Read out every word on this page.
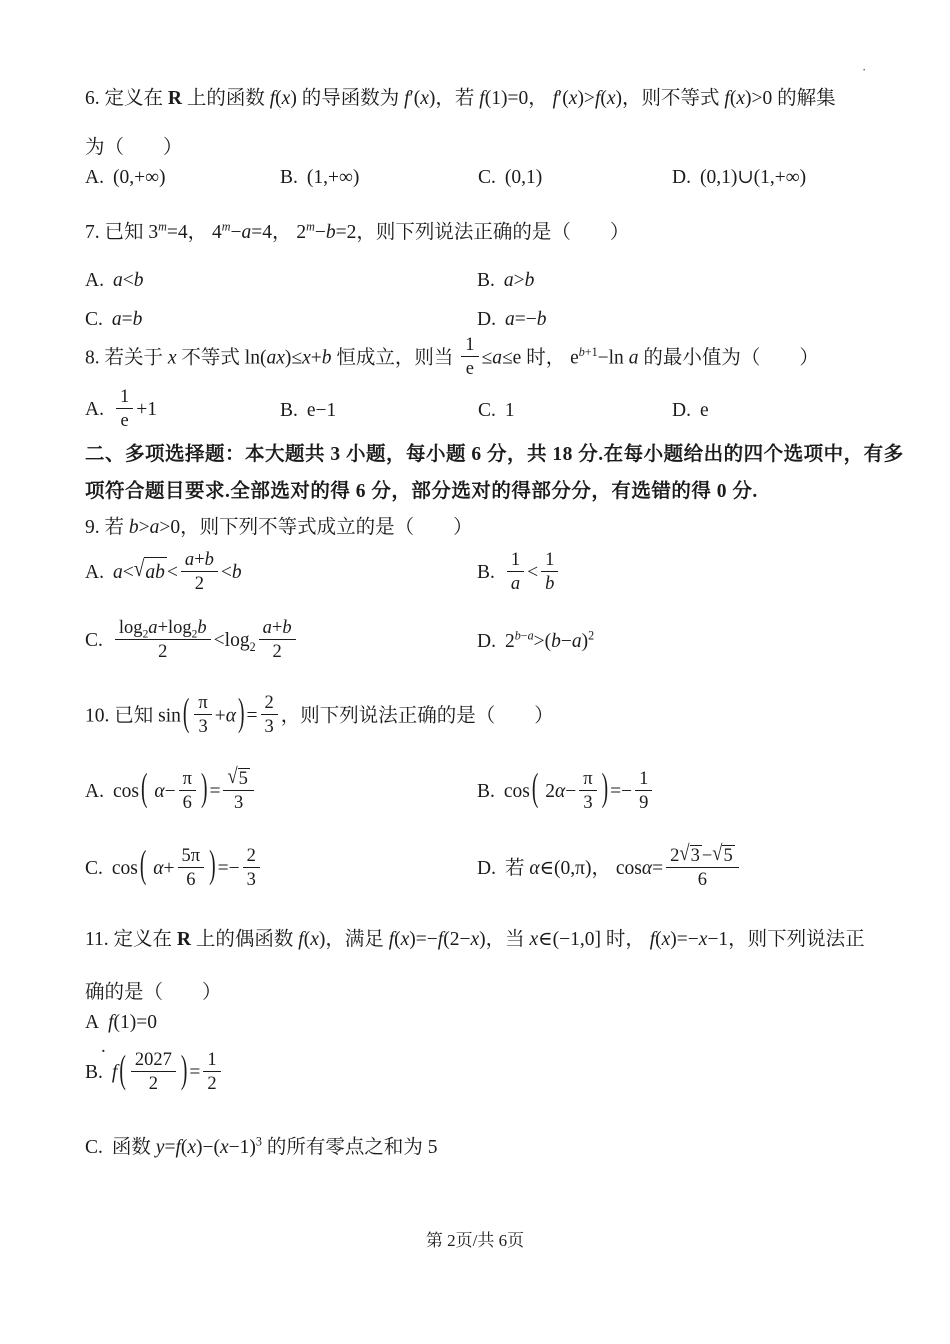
·

6. 定义在 R 上的函数 f(x) 的导函数为 f′(x)，若 f(1)=0， f′(x)>f(x)，则不等式 f(x)>0 的解集

为（　　）

A. (0,+∞)	B. (1,+∞)	C. (0,1)	D. (0,1)∪(1,+∞)

7. 已知 $3^m=4$， $4^m-a=4$， $2^m-b=2$，则下列说法正确的是（　　）

A. a<b	B. a>b
C. a=b	D. a=−b

8. 若关于 x 不等式 ln(ax)≤x+b 恒成立，则当 $\frac{1}{e} \le a\le e$ 时， $e^{b+1}-\ln$ a 的最小值为（　　）

A. $\frac{1}{e} +1$	B. e−1	C. 1	D. e

二、多项选择题：本大题共 3 小题，每小题 6 分，共 18 分.在每小题给出的四个选项中，有多

项符合题目要求.全部选对的得 6 分，部分选对的得部分分，有选错的得 0 分.

9. 若 b>a>0，则下列不等式成立的是（　　）

A. $a<√ab < \frac{a+b}{2} <b$	B. $\frac{1}{a} < \frac{1}{b}$
C. $\frac{\log_2a+\log_2b}{2} <\log_2 \frac{a+b}{2}$	D. $2^{b-a}>(b-a)^2$

10. 已知 sin ( $\frac{\pi}{3} +\alpha$ ) = $\frac{2}{3}$ ，则下列说法正确的是（　　）

A. cos ( $\alpha- \frac{\pi}{6}$ ) = $\frac{√5}{3}$	B. cos ( $2\alpha- \frac{\pi}{3}$ ) =− $\frac{1}{9}$
C. cos ( $\alpha+ \frac{5\pi}{6}$ ) =− $\frac{2}{3}$	D. 若 α∈(0,π)， $\cos\alpha= \frac{2√3 -√5}{6}$

11. 定义在 R 上的偶函数 f(x)，满足 f(x)=−f(2−x)，当 x∈(−1,0] 时， f(x)=−x−1，则下列说法正

确的是（　　）

A f(1)=0

.

B. f ( $\frac{2027}{2}$ ) = $\frac{1}{2}$

C. 函数 $y=f(x)-(x-1)^3$ 的所有零点之和为 5

第 2页/共 6页
